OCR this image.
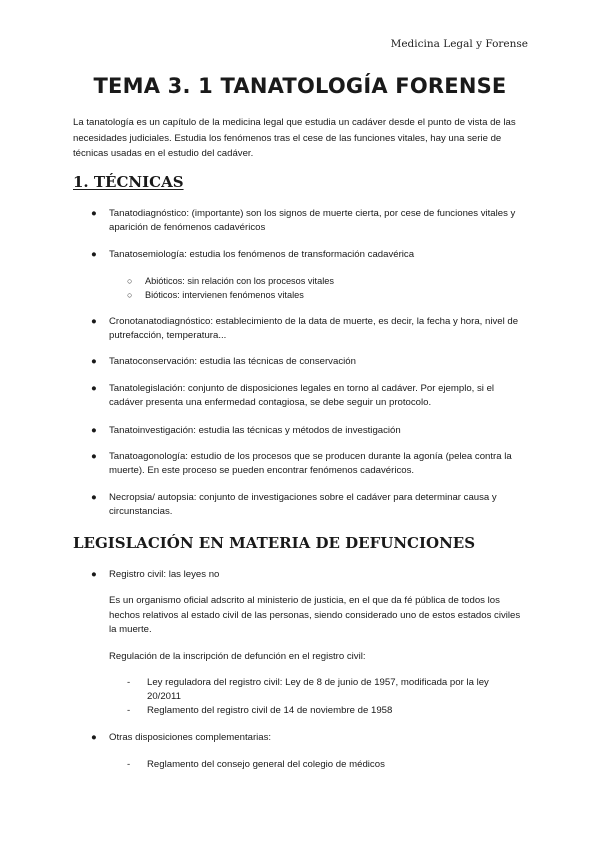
Medicina Legal y Forense
TEMA 3. 1 TANATOLOGÍA FORENSE
La tanatología es un capítulo de la medicina legal que estudia un cadáver desde el punto de vista de las necesidades judiciales. Estudia los fenómenos tras el cese de las funciones vitales, hay una serie de técnicas usadas en el estudio del cadáver.
1. TÉCNICAS
● Tanatodiagnóstico: (importante) son los signos de muerte cierta, por cese de funciones vitales y aparición de fenómenos cadavéricos
● Tanatosemiología: estudia los fenómenos de transformación cadavérica
○ Abióticos: sin relación con los procesos vitales
○ Bióticos: intervienen fenómenos vitales
● Cronotanatodiagnóstico: establecimiento de la data de muerte, es decir, la fecha y hora, nivel de putrefacción, temperatura...
● Tanatoconservación: estudia las técnicas de conservación
● Tanatolegislación: conjunto de disposiciones legales en torno al cadáver. Por ejemplo, si el cadáver presenta una enfermedad contagiosa, se debe seguir un protocolo.
● Tanatoinvestigación: estudia las técnicas y métodos de investigación
● Tanatoagonología: estudio de los procesos que se producen durante la agonía (pelea contra la muerte). En este proceso se pueden encontrar fenómenos cadavéricos.
● Necropsia/ autopsia: conjunto de investigaciones sobre el cadáver para determinar causa y circunstancias.
LEGISLACIÓN EN MATERIA DE DEFUNCIONES
● Registro civil: las leyes no
Es un organismo oficial adscrito al ministerio de justicia, en el que da fé pública de todos los hechos relativos al estado civil de las personas, siendo considerado uno de estos estados civiles la muerte.
Regulación de la inscripción de defunción en el registro civil:
- Ley reguladora del registro civil: Ley de 8 de junio de 1957, modificada por la ley 20/2011
- Reglamento del registro civil de 14 de noviembre de 1958
● Otras disposiciones complementarias:
- Reglamento del consejo general del colegio de médicos
